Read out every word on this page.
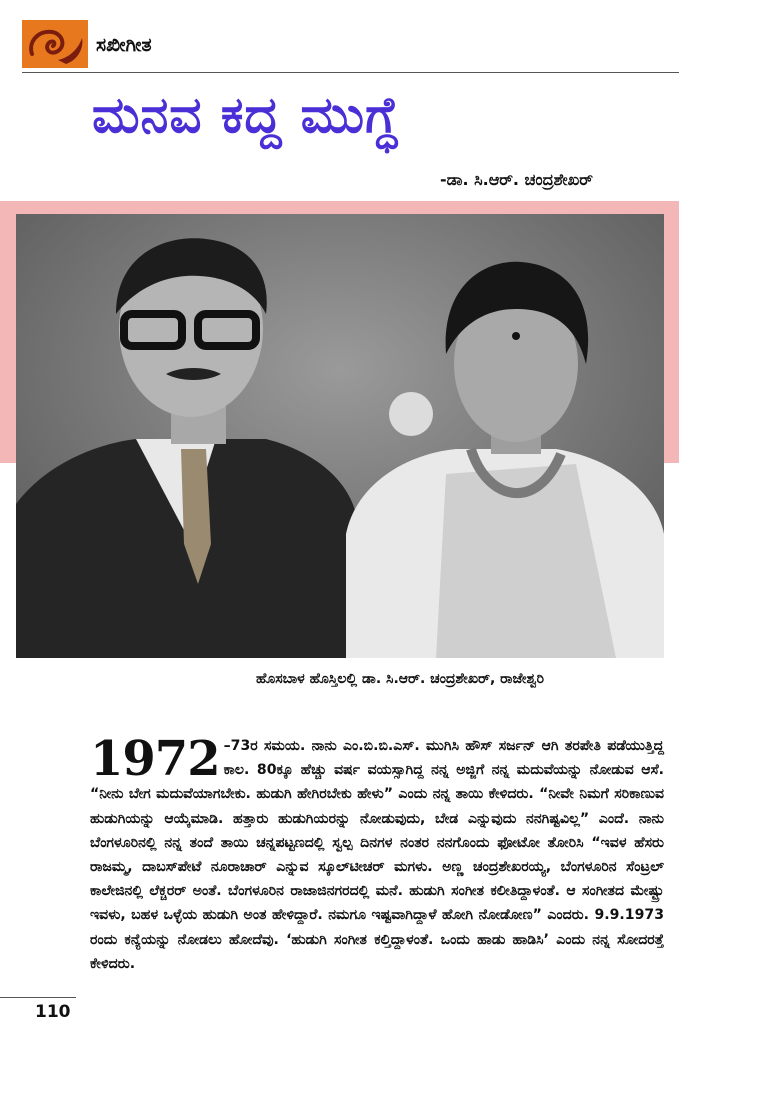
ಸಖೀಗೀತ
ಮನವ ಕದ್ದ ಮುಗ್ಧೆ
-ಡಾ. ಸಿ.ಆರ್. ಚಂದ್ರಶೇಖರ್
ಹೊಸಬಾಳ ಹೊಸ್ತಿಲಲ್ಲಿ ಡಾ. ಸಿ.ಆರ್. ಚಂದ್ರಶೇಖರ್, ರಾಜೇಶ್ವರಿ
1972 –73ರ ಸಮಯ. ನಾನು ಎಂ.ಬಿ.ಬಿ.ಎಸ್. ಮುಗಿಸಿ ಹೌಸ್ ಸರ್ಜನ್ ಆಗಿ ತರಪೇತಿ ಪಡೆಯುತ್ತಿದ್ದ ಕಾಲ. 80ಕ್ಕೂ ಹೆಚ್ಚು ವರ್ಷ ವಯಸ್ಸಾಗಿದ್ದ ನನ್ನ ಅಜ್ಜಿಗೆ ನನ್ನ ಮದುವೆಯನ್ನು ನೋಡುವ ಆಸೆ. “ನೀನು ಬೇಗ ಮದುವೆಯಾಗಬೇಕು. ಹುಡುಗಿ ಹೇಗಿರಬೇಕು ಹೇಳು” ಎಂದು ನನ್ನ ತಾಯಿ ಕೇಳಿದರು. “ನೀವೇ ನಿಮಗೆ ಸರಿಕಾಣುವ ಹುಡುಗಿಯನ್ನು ಆಯ್ಕೆಮಾಡಿ. ಹತ್ತಾರು ಹುಡುಗಿಯರನ್ನು ನೋಡುವುದು, ಬೇಡ ಎನ್ನುವುದು ನನಗಿಷ್ಟವಿಲ್ಲ” ಎಂದೆ. ನಾನು ಬೆಂಗಳೂರಿನಲ್ಲಿ ನನ್ನ ತಂದೆ ತಾಯಿ ಚನ್ನಪಟ್ಟಣದಲ್ಲಿ ಸ್ವಲ್ಪ ದಿನಗಳ ನಂತರ ನನಗೊಂದು ಫೋಟೋ ತೋರಿಸಿ “ಇವಳ ಹೆಸರು ರಾಜಮ್ಮ, ದಾಬಸ್‌ಪೇಟೆ ನೂರಾಚಾರ್ ಎನ್ನುವ ಸ್ಕೂಲ್‌ಟೀಚರ್ ಮಗಳು. ಅಣ್ಣ ಚಂದ್ರಶೇಖರಯ್ಯ, ಬೆಂಗಳೂರಿನ ಸೆಂಟ್ರಲ್ ಕಾಲೇಜಿನಲ್ಲಿ ಲೆಕ್ಚರರ್ ಅಂತೆ. ಬೆಂಗಳೂರಿನ ರಾಜಾಜಿನಗರದಲ್ಲಿ ಮನೆ. ಹುಡುಗಿ ಸಂಗೀತ ಕಲೀತಿದ್ದಾಳಂತೆ. ಆ ಸಂಗೀತದ ಮೇಷ್ಟ್ರು ಇವಳು, ಬಹಳ ಒಳ್ಳೆಯ ಹುಡುಗಿ ಅಂತ ಹೇಳಿದ್ದಾರೆ. ನಮಗೂ ಇಷ್ಟವಾಗಿದ್ದಾಳೆ ಹೋಗಿ ನೋಡೋಣ” ಎಂದರು. 9.9.1973 ರಂದು ಕನ್ಯೆಯನ್ನು ನೋಡಲು ಹೋದೆವು. ‘ಹುಡುಗಿ ಸಂಗೀತ ಕಲ್ತಿದ್ದಾಳಂತೆ. ಒಂದು ಹಾಡು ಹಾಡಿಸಿ’ ಎಂದು ನನ್ನ ಸೋದರತ್ತೆ ಕೇಳಿದರು.
110
